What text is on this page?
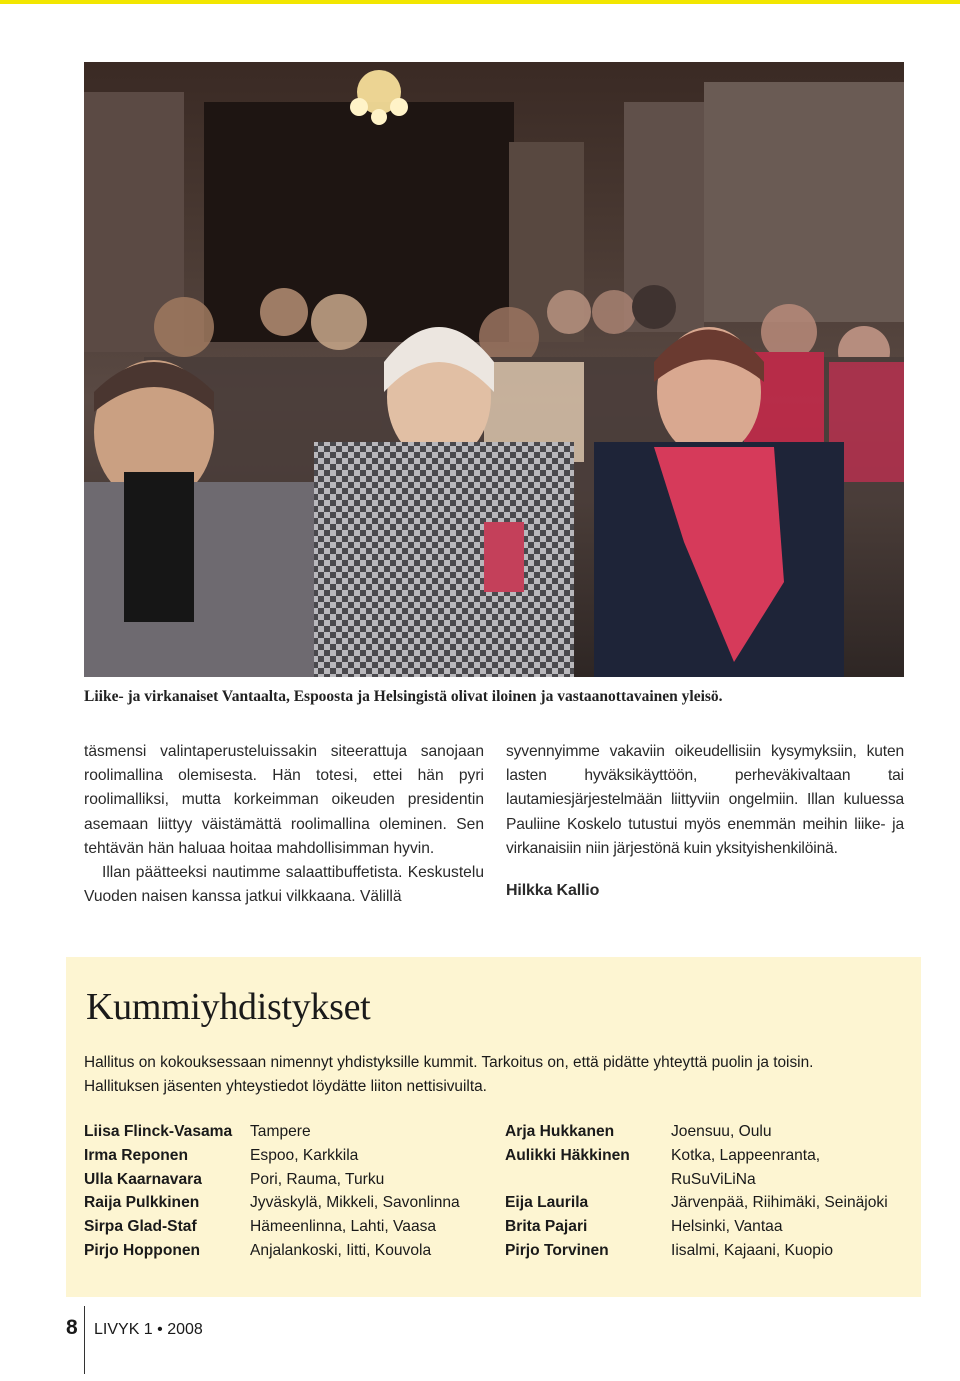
Liike- ja virkanaiset Vantaalta, Espoosta ja Helsingistä olivat iloinen ja vastaanottavainen yleisö.

täsmensi valintaperusteluissakin siteerattuja sanojaan roolimallina olemisesta. Hän totesi, ettei hän pyri roolimalliksi, mutta korkeimman oikeuden presidentin asemaan liittyy väistämättä roolimallina oleminen. Sen tehtävän hän haluaa hoitaa mahdollisimman hyvin.

Illan päätteeksi nautimme salaattibuffetista. Keskustelu Vuoden naisen kanssa jatkui vilkkaana. Välillä

syvennyimme vakaviin oikeudellisiin kysymyksiin, kuten lasten hyväksikäyttöön, perheväkivaltaan tai lautamiesjärjestelmään liittyviin ongelmiin. Illan kuluessa Pauliine Koskelo tutustui myös enemmän meihin liike- ja virkanaisiin niin järjestönä kuin yksityishenkilöinä.

Hilkka Kallio

Kummiyhdistykset
Hallitus on kokouksessaan nimennyt yhdistyksille kummit. Tarkoitus on, että pidätte yhteyttä puolin ja toisin.
Hallituksen jäsenten yhteystiedot löydätte liiton nettisivuilta.
Liisa Flinck-Vasama Tampere
Irma Reponen	Espoo, Karkkila
Ulla Kaarnavara	Pori, Rauma, Turku
Raija Pulkkinen	Jyväskylä, Mikkeli, Savonlinna
Sirpa Glad-Staf	Hämeenlinna, Lahti, Vaasa
Pirjo Hopponen	Anjalankoski, Iitti, Kouvola
Arja Hukkanen	Joensuu, Oulu
Aulikki Häkkinen	Kotka, Lappeenranta,
RuSuViLiNa
Eija Laurila	Järvenpää, Riihimäki, Seinäjoki
Brita Pajari	Helsinki, Vantaa
Pirjo Torvinen	Iisalmi, Kajaani, Kuopio
8 LIVYK 1 • 2008
